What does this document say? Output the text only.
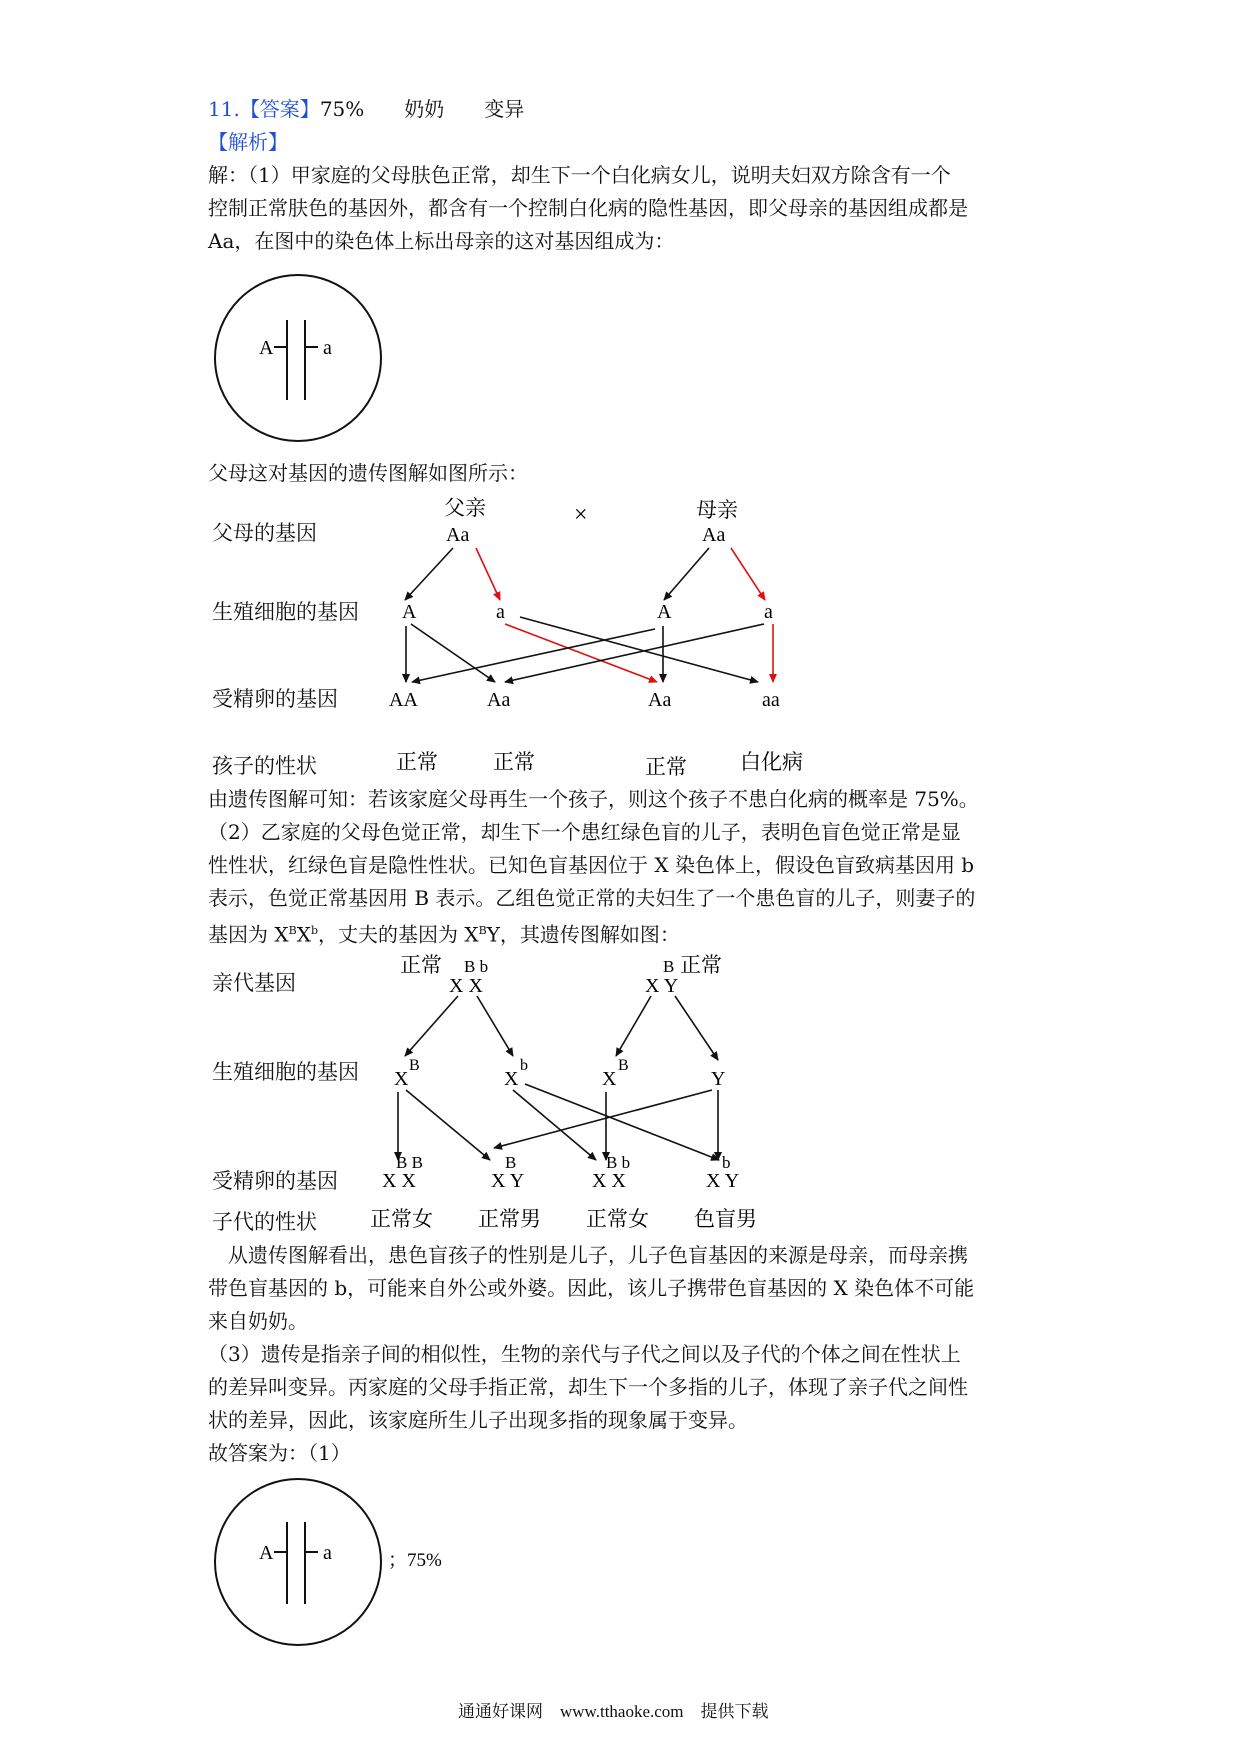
11.【答案】75% 奶奶 变异
【解析】
解：（1）甲家庭的父母肤色正常，却生下一个白化病女儿，说明夫妇双方除含有一个
控制正常肤色的基因外，都含有一个控制白化病的隐性基因，即父母亲的基因组成都是
Aa，在图中的染色体上标出母亲的这对基因组成为：
A a
父亲
Aa
×	母亲
Aa
A	a	A	a
AA	Aa	Aa	aa
正常	正常	正常	白化病
正常 B b
X X
B 正常
X Y
X
B
X
b
X
B
Y
B B
X X
B
X Y
B b
X X
b
X Y
正常女 正常男 正常女 色盲男
A a	；75%
父母这对基因的遗传图解如图所示：
父母的基因
生殖细胞的基因
受精卵的基因
孩子的性状
由遗传图解可知：若该家庭父母再生一个孩子，则这个孩子不患白化病的概率是 75%。
（2）乙家庭的父母色觉正常，却生下一个患红绿色盲的儿子，表明色盲色觉正常是显
性性状，红绿色盲是隐性性状。已知色盲基因位于 X 染色体上，假设色盲致病基因用 b
表示，色觉正常基因用 B 表示。乙组色觉正常的夫妇生了一个患色盲的儿子，则妻子的
基因为 $X^BX^b$，丈夫的基因为 $X^BY$，其遗传图解如图：
亲代基因
生殖细胞的基因
受精卵的基因
子代的性状
　从遗传图解看出，患色盲孩子的性别是儿子，儿子色盲基因的来源是母亲，而母亲携
带色盲基因的 b，可能来自外公或外婆。因此，该儿子携带色盲基因的 X 染色体不可能
来自奶奶。
（3）遗传是指亲子间的相似性，生物的亲代与子代之间以及子代的个体之间在性状上
的差异叫变异。丙家庭的父母手指正常，却生下一个多指的儿子，体现了亲子代之间性
状的差异，因此，该家庭所生儿子出现多指的现象属于变异。
故答案为：（1）
通通好课网　www.tthaoke.com　提供下载
